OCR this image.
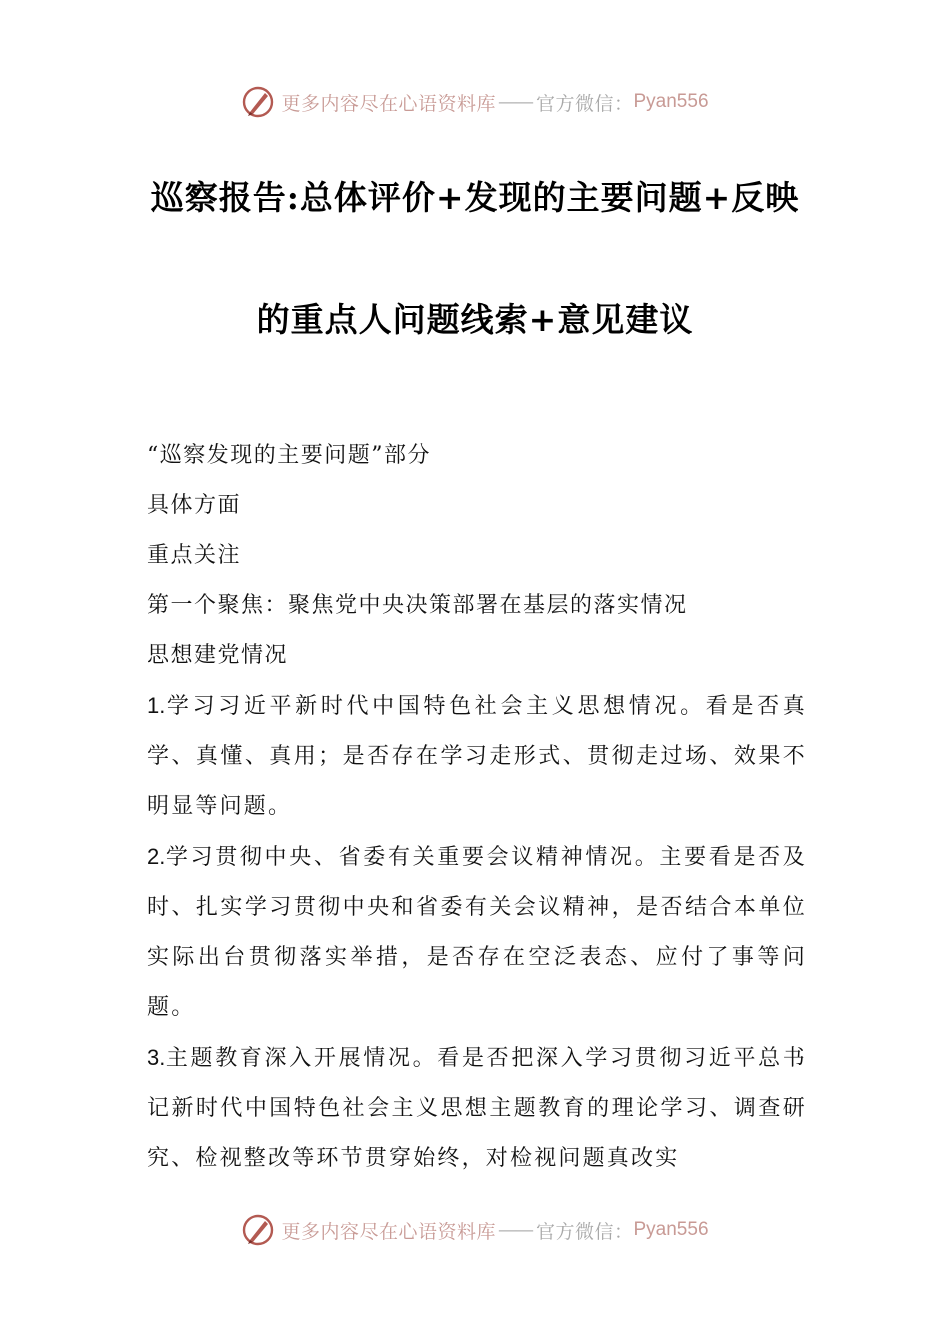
更多内容尽在心语资料库 —— 官方微信： Pyan556
巡察报告:总体评价+发现的主要问题+反映
的重点人问题线索+意见建议
“巡察发现的主要问题”部分
具体方面
重点关注
第一个聚焦：聚焦党中央决策部署在基层的落实情况
思想建党情况

1.学习习近平新时代中国特色社会主义思想情况。看是否真学、真懂、真用；是否存在学习走形式、贯彻走过场、效果不明显等问题。

2.学习贯彻中央、省委有关重要会议精神情况。主要看是否及时、扎实学习贯彻中央和省委有关会议精神，是否结合本单位实际出台贯彻落实举措，是否存在空泛表态、应付了事等问题。

3.主题教育深入开展情况。看是否把深入学习贯彻习近平总书记新时代中国特色社会主义思想主题教育的理论学习、调查研究、检视整改等环节贯穿始终，对检视问题真改实

更多内容尽在心语资料库 —— 官方微信： Pyan556
